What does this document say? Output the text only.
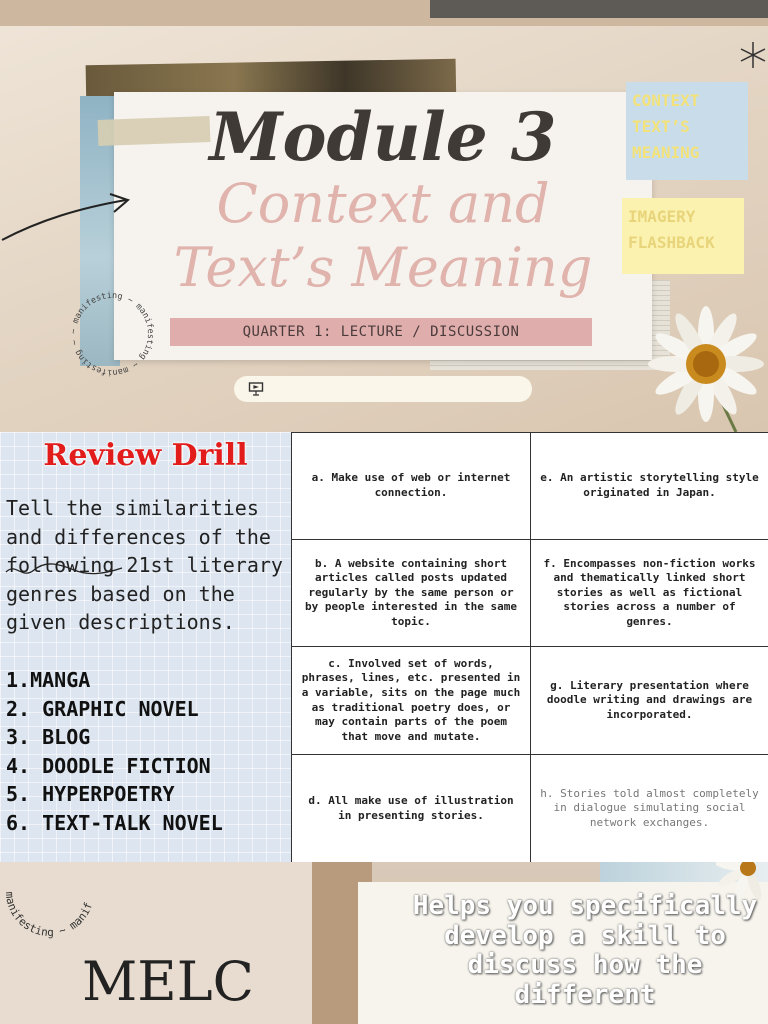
Module 3
Context and
Text’s Meaning
QUARTER 1: LECTURE / DISCUSSION
CONTEXT
TEXT’S
MEANING
IMAGERY
FLASHBACK
~ manifesting ~ manifesting ~ manifesting ~
Review Drill
Tell the similarities and differences of the following 21st literary genres based on the given descriptions.
1.MANGA
2. GRAPHIC NOVEL
3. BLOG
4. DOODLE FICTION
5. HYPERPOETRY
6. TEXT-TALK NOVEL
a. Make use of web or internet connection.
e. An artistic storytelling style originated in Japan.
b. A website containing short articles called posts updated regularly by the same person or by people interested in the same topic.
f. Encompasses non-fiction works and thematically linked short stories as well as fictional stories across a number of genres.
c. Involved set of words, phrases, lines, etc. presented in a variable, sits on the page much as traditional poetry does, or may contain parts of the poem that move and mutate.
g. Literary presentation where doodle writing and drawings are incorporated.
d. All make use of illustration in presenting stories.
h. Stories told almost completely in dialogue simulating social network exchanges.
manifesting ~ manif
MELC
Helps you specifically develop a skill to discuss how the different
